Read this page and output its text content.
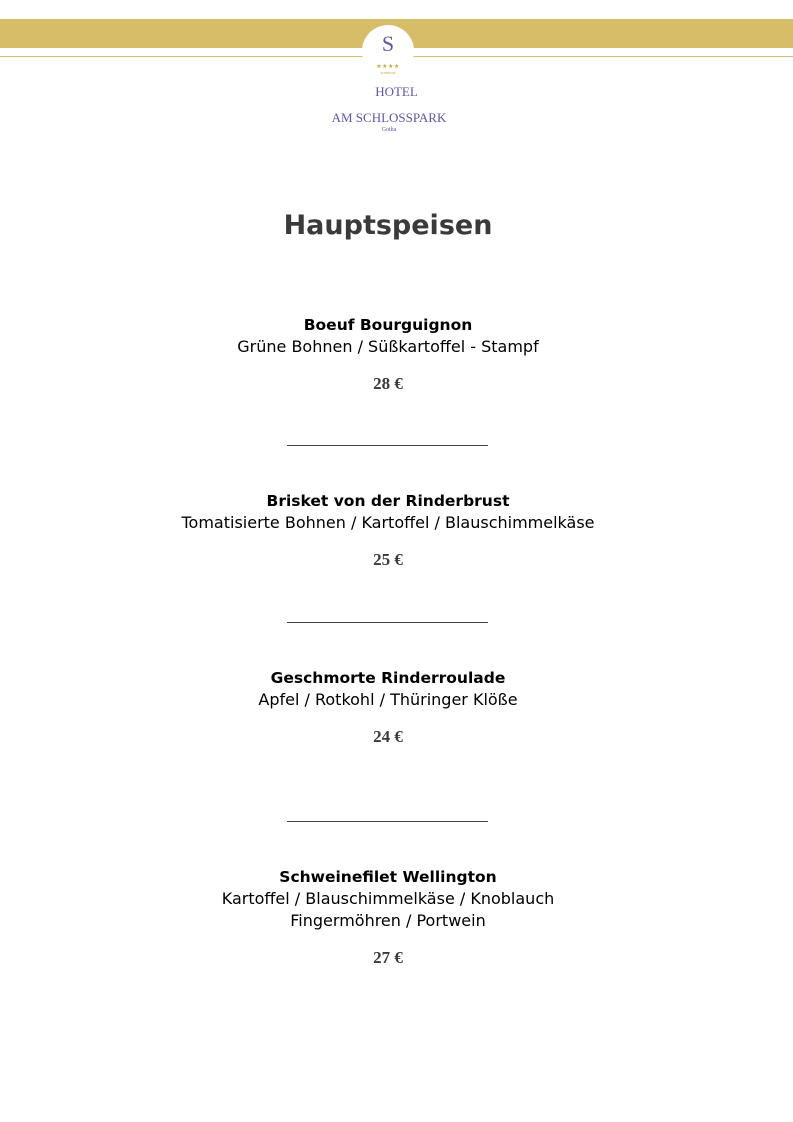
S
★★★★
SUPERIOR
HOTEL
AM SCHLOSSPARK
Gotha
Hauptspeisen
Boeuf Bourguignon
Grüne Bohnen / Süßkartoffel - Stampf
28 €
Brisket von der Rinderbrust
Tomatisierte Bohnen / Kartoffel / Blauschimmelkäse
25 €
Geschmorte Rinderroulade
Apfel / Rotkohl / Thüringer Klöße
24 €
Schweinefilet Wellington
Kartoffel / Blauschimmelkäse / Knoblauch
Fingermöhren / Portwein
27 €
